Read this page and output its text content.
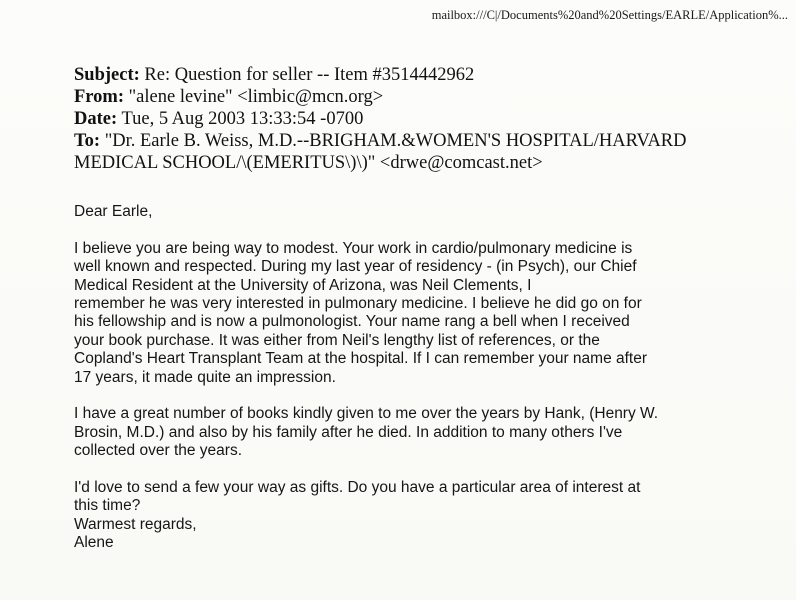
mailbox:///C|/Documents%20and%20Settings/EARLE/Application%...
Subject: Re: Question for seller -- Item #3514442962
From: "alene levine" <limbic@mcn.org>
Date: Tue, 5 Aug 2003 13:33:54 -0700
To: "Dr. Earle B. Weiss, M.D.--BRIGHAM.&WOMEN'S HOSPITAL/HARVARD
MEDICAL SCHOOL/\(EMERITUS\)\)" <drwe@comcast.net>
Dear Earle,
I believe you are being way to modest. Your work in cardio/pulmonary medicine is
well known and respected. During my last year of residency - (in Psych), our Chief
Medical Resident at the University of Arizona, was Neil Clements, I
remember he was very interested in pulmonary medicine. I believe he did go on for
his fellowship and is now a pulmonologist. Your name rang a bell when I received
your book purchase. It was either from Neil's lengthy list of references, or the
Copland's Heart Transplant Team at the hospital. If I can remember your name after
17 years, it made quite an impression.
I have a great number of books kindly given to me over the years by Hank, (Henry W.
Brosin, M.D.) and also by his family after he died. In addition to many others I've
collected over the years.
I'd love to send a few your way as gifts. Do you have a particular area of interest at
this time?
Warmest regards,
Alene
